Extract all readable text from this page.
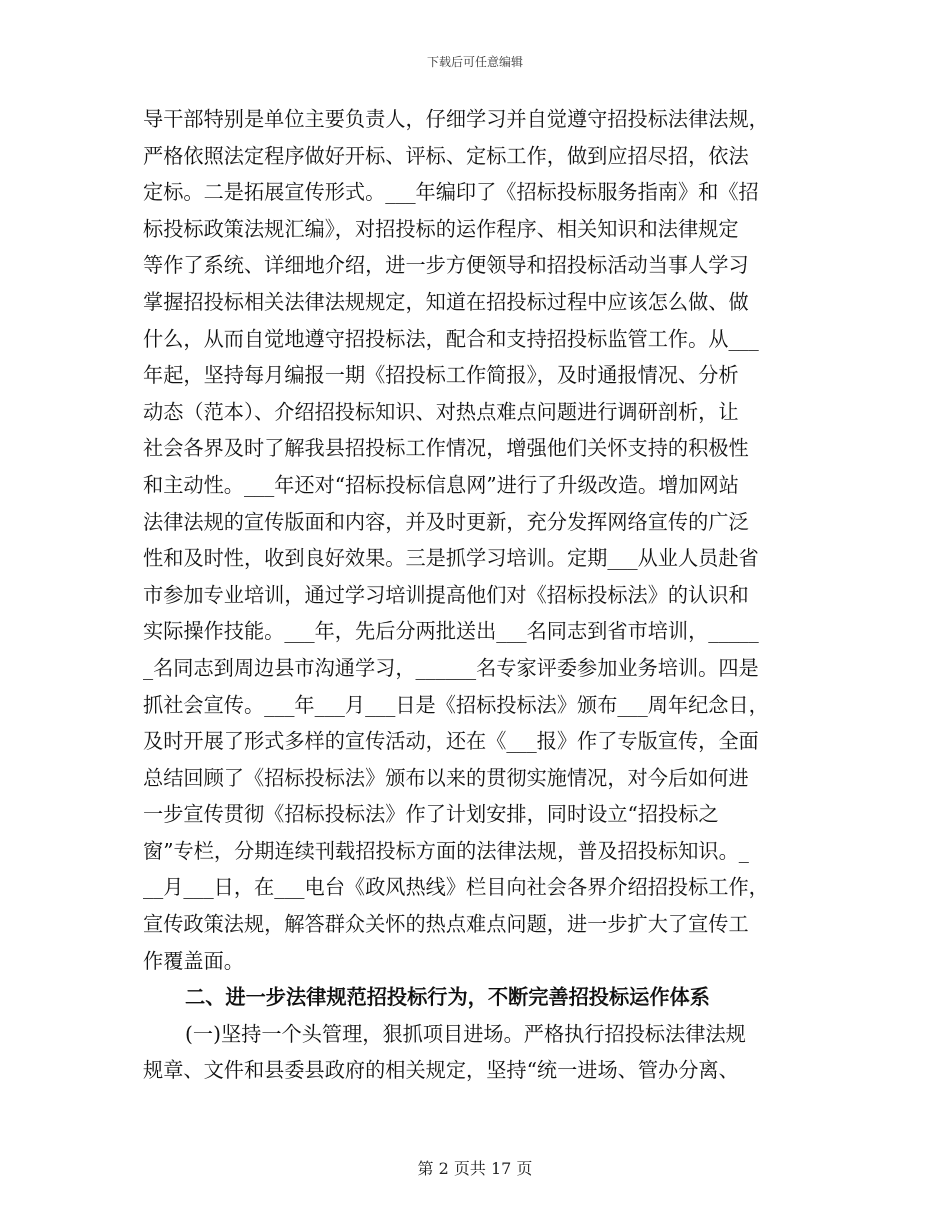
下载后可任意编辑
导干部特别是单位主要负责人，仔细学习并自觉遵守招投标法律法规，
严格依照法定程序做好开标、评标、定标工作，做到应招尽招，依法
定标。二是拓展宣传形式。___年编印了《招标投标服务指南》和《招
标投标政策法规汇编》，对招投标的运作程序、相关知识和法律规定
等作了系统、详细地介绍，进一步方便领导和招投标活动当事人学习
掌握招投标相关法律法规规定，知道在招投标过程中应该怎么做、做
什么，从而自觉地遵守招投标法，配合和支持招投标监管工作。从___
年起，坚持每月编报一期《招投标工作简报》，及时通报情况、分析
动态（范本）、介绍招投标知识、对热点难点问题进行调研剖析，让
社会各界及时了解我县招投标工作情况，增强他们关怀支持的积极性
和主动性。___年还对“招标投标信息网”进行了升级改造。增加网站
法律法规的宣传版面和内容，并及时更新，充分发挥网络宣传的广泛
性和及时性，收到良好效果。三是抓学习培训。定期___从业人员赴省
市参加专业培训，通过学习培训提高他们对《招标投标法》的认识和
实际操作技能。___年，先后分两批送出___名同志到省市培训，_____
_名同志到周边县市沟通学习，______名专家评委参加业务培训。四是
抓社会宣传。___年___月___日是《招标投标法》颁布___周年纪念日，
及时开展了形式多样的宣传活动，还在《___报》作了专版宣传，全面
总结回顾了《招标投标法》颁布以来的贯彻实施情况，对今后如何进
一步宣传贯彻《招标投标法》作了计划安排，同时设立“招投标之
窗”专栏，分期连续刊载招投标方面的法律法规，普及招投标知识。_
__月___日，在___电台《政风热线》栏目向社会各界介绍招投标工作，
宣传政策法规，解答群众关怀的热点难点问题，进一步扩大了宣传工
作覆盖面。
二、进一步法律规范招投标行为，不断完善招投标运作体系
(一)坚持一个头管理，狠抓项目进场。严格执行招投标法律法规
规章、文件和县委县政府的相关规定，坚持“统一进场、管办分离、
第 2 页共 17 页
